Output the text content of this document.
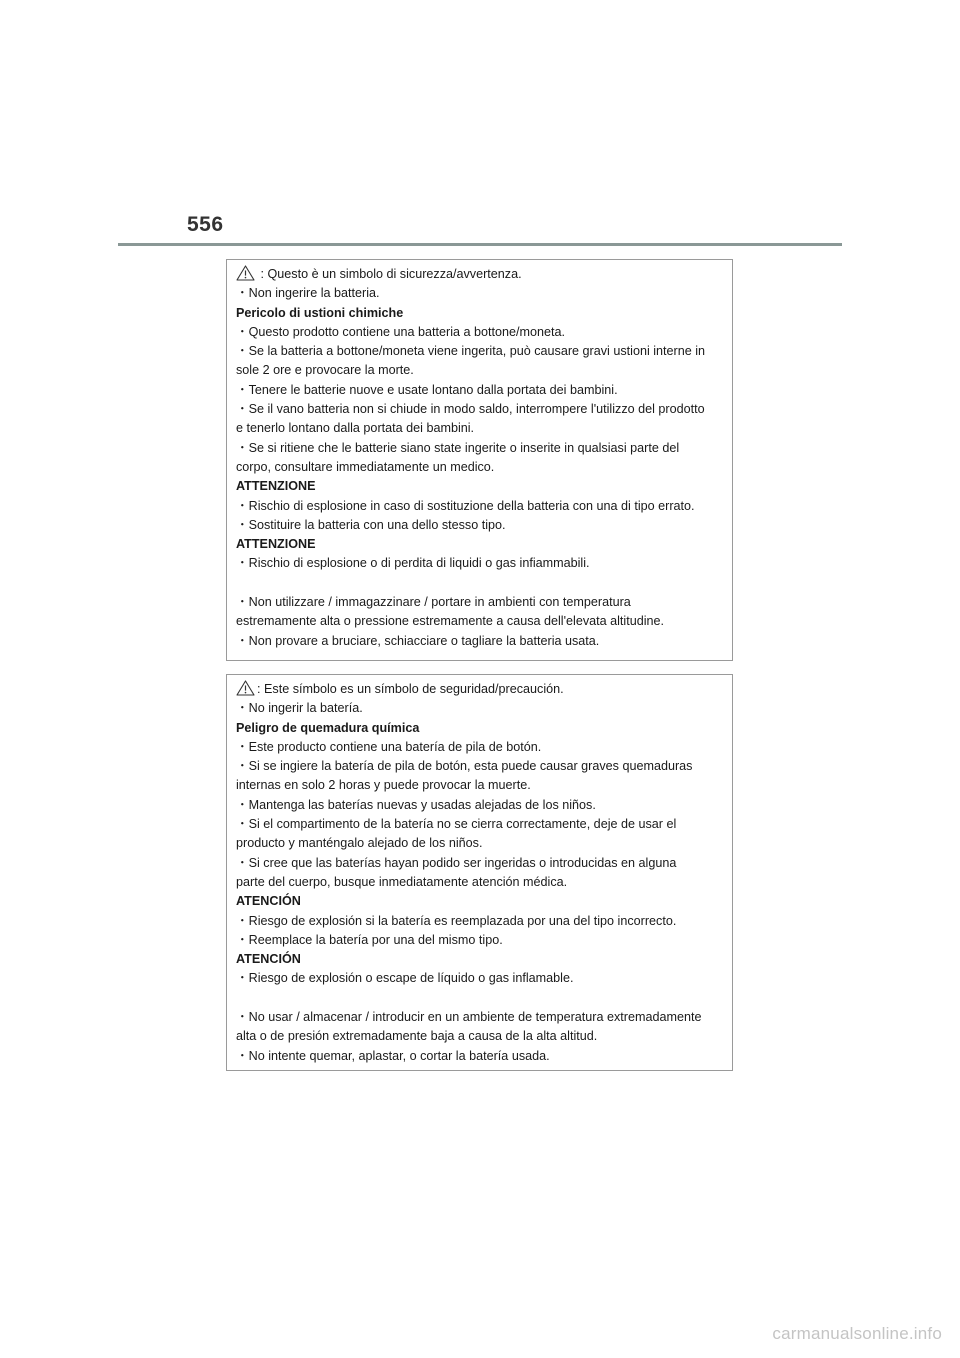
556
: Questo è un simbolo di sicurezza/avvertenza.
・Non ingerire la batteria.
Pericolo di ustioni chimiche
・Questo prodotto contiene una batteria a bottone/moneta.
・Se la batteria a bottone/moneta viene ingerita, può causare gravi ustioni interne in
sole 2 ore e provocare la morte.
・Tenere le batterie nuove e usate lontano dalla portata dei bambini.
・Se il vano batteria non si chiude in modo saldo, interrompere l'utilizzo del prodotto
e tenerlo lontano dalla portata dei bambini.
・Se si ritiene che le batterie siano state ingerite o inserite in qualsiasi parte del
corpo, consultare immediatamente un medico.
ATTENZIONE
・Rischio di esplosione in caso di sostituzione della batteria con una di tipo errato.
・Sostituire la batteria con una dello stesso tipo.
ATTENZIONE
・Rischio di esplosione o di perdita di liquidi o gas infiammabili.
・Non utilizzare / immagazzinare / portare in ambienti con temperatura
estremamente alta o pressione estremamente a causa dell'elevata altitudine.
・Non provare a bruciare, schiacciare o tagliare la batteria usata.
: Este símbolo es un símbolo de seguridad/precaución.
・No ingerir la batería.
Peligro de quemadura química
・Este producto contiene una batería de pila de botón.
・Si se ingiere la batería de pila de botón, esta puede causar graves quemaduras
internas en solo 2 horas y puede provocar la muerte.
・Mantenga las baterías nuevas y usadas alejadas de los niños.
・Si el compartimento de la batería no se cierra correctamente, deje de usar el
producto y manténgalo alejado de los niños.
・Si cree que las baterías hayan podido ser ingeridas o introducidas en alguna
parte del cuerpo, busque inmediatamente atención médica.
ATENCIÓN
・Riesgo de explosión si la batería es reemplazada por una del tipo incorrecto.
・Reemplace la batería por una del mismo tipo.
ATENCIÓN
・Riesgo de explosión o escape de líquido o gas inflamable.
・No usar / almacenar / introducir en un ambiente de temperatura extremadamente
alta o de presión extremadamente baja a causa de la alta altitud.
・No intente quemar, aplastar, o cortar la batería usada.
carmanualsonline.info
